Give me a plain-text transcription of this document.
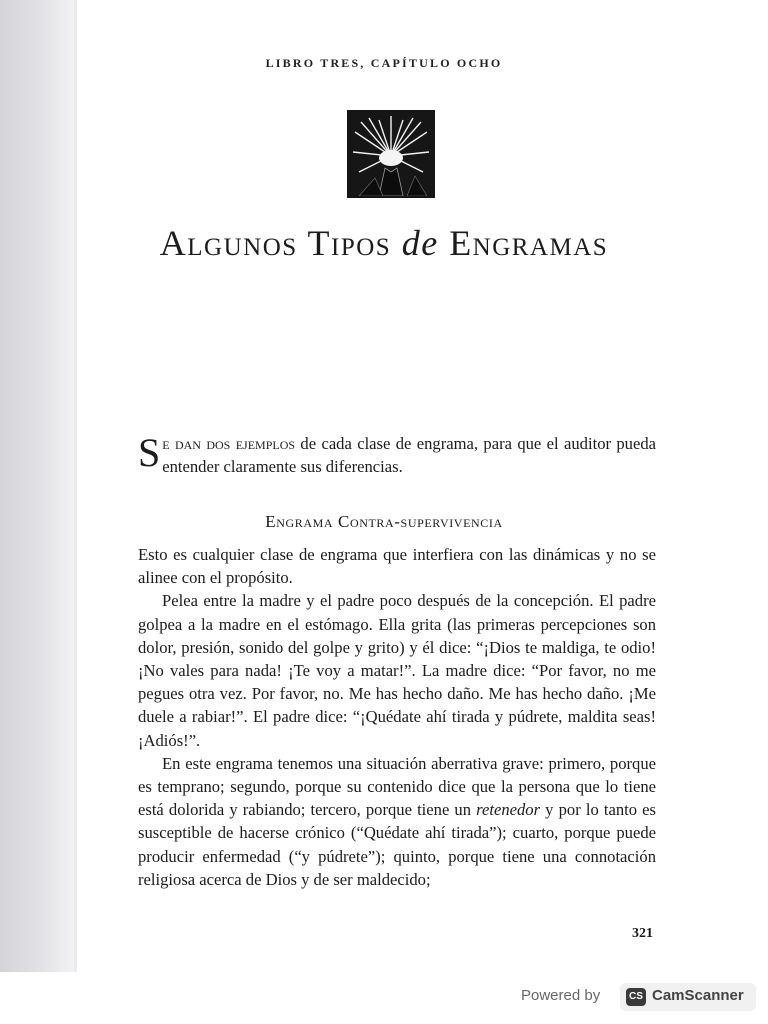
LIBRO TRES, CAPÍTULO OCHO
Algunos Tipos de Engramas
Se dan dos ejemplos de cada clase de engrama, para que el auditor pueda entender claramente sus diferencias.
Engrama Contra-supervivencia

Esto es cualquier clase de engrama que interfiera con las dinámicas y no se alinee con el propósito.

Pelea entre la madre y el padre poco después de la concepción. El padre golpea a la madre en el estómago. Ella grita (las primeras percepciones son dolor, presión, sonido del golpe y grito) y él dice: “¡Dios te maldiga, te odio! ¡No vales para nada! ¡Te voy a matar!”. La madre dice: “Por favor, no me pegues otra vez. Por favor, no. Me has hecho daño. Me has hecho daño. ¡Me duele a rabiar!”. El padre dice: “¡Quédate ahí tirada y púdrete, maldita seas! ¡Adiós!”.

En este engrama tenemos una situación aberrativa grave: primero, porque es temprano; segundo, porque su contenido dice que la persona que lo tiene está dolorida y rabiando; tercero, porque tiene un retenedor y por lo tanto es susceptible de hacerse crónico (“Quédate ahí tirada”); cuarto, porque puede producir enfermedad (“y púdrete”); quinto, porque tiene una connotación religiosa acerca de Dios y de ser maldecido;

321
Powered by	CS CamScanner
